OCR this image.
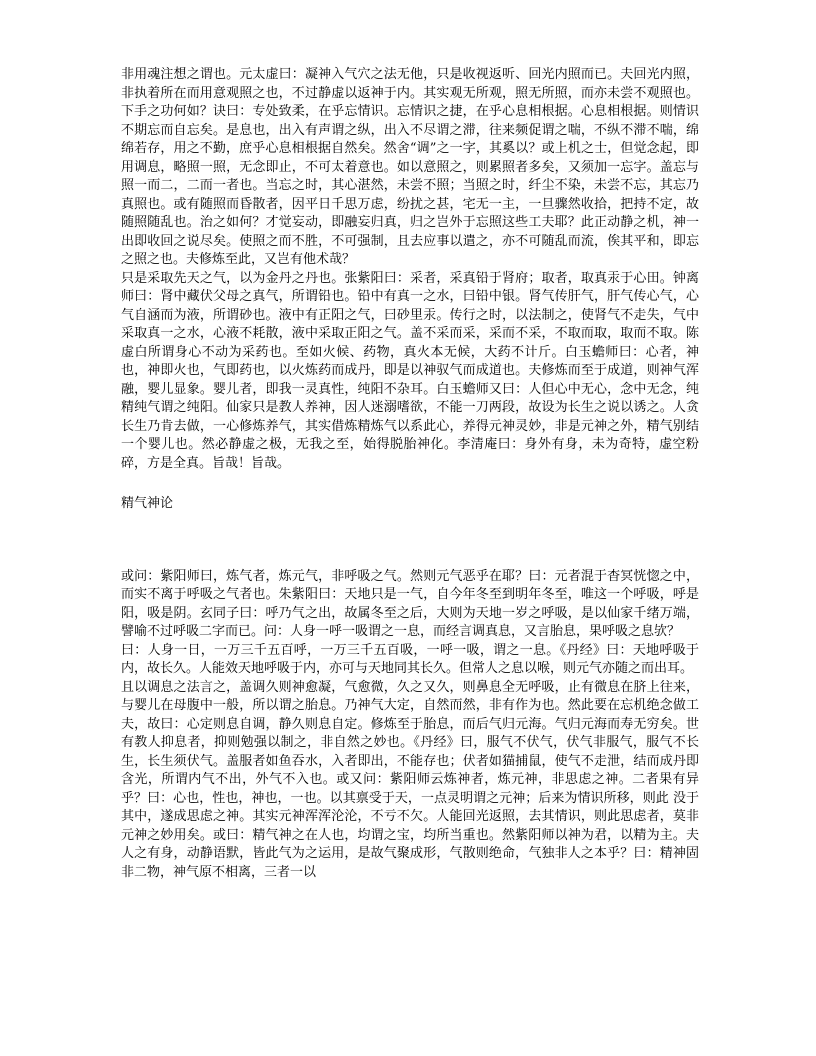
非用魂注想之谓也。元太虚曰：凝神入气穴之法无他，只是收视返听、回光内照而已。夫回光内照，非执着所在而用意观照之也，不过静虚以返神于内。其实观无所观，照无所照，而亦未尝不观照也。下手之功何如？诀曰：专处致柔，在乎忘情识。忘情识之捷，在乎心息相根据。心息相根据。则情识不期忘而自忘矣。是息也，出入有声谓之纵，出入不尽谓之滞，往来频促谓之喘，不纵不滞不喘，绵绵若存，用之不勤，庶乎心息相根据自然矣。然舍“调”之一字，其奚以？或上机之士，但觉念起，即用调息，略照一照，无念即止，不可太着意也。如以意照之，则累照者多矣，又须加一忘字。盖忘与照一而二，二而一者也。当忘之时，其心湛然，未尝不照；当照之时，纤尘不染，未尝不忘，其忘乃真照也。或有随照而昏散者，因平日千思万虑，纷扰之甚，宅无一主，一旦骤然收拾，把持不定，故随照随乱也。治之如何？才觉妄动，即融妄归真，归之岂外于忘照这些工夫耶？此正动静之机，神一出即收回之说尽矣。使照之而不胜，不可强制，且去应事以遣之，亦不可随乱而流，俟其平和，即忘之照之也。夫修炼至此，又岂有他术哉？

只是采取先天之气，以为金丹之丹也。张紫阳曰：采者，采真铅于肾府；取者，取真汞于心田。钟离师曰：肾中藏伏父母之真气，所谓铅也。铅中有真一之水，曰铅中银。肾气传肝气，肝气传心气，心气自涵而为液，所谓砂也。液中有正阳之气，曰砂里汞。传行之时，以法制之，使肾气不走失，气中采取真一之水，心液不耗散，液中采取正阳之气。盖不采而采，采而不采，不取而取，取而不取。陈虚白所谓身心不动为采药也。至如火候、药物，真火本无候，大药不计斤。白玉蟾师曰：心者，神也，神即火也，气即药也，以火炼药而成丹，即是以神驭气而成道也。夫修炼而至于成道，则神气浑融，婴儿显象。婴儿者，即我一灵真性，纯阳不杂耳。白玉蟾师又曰：人但心中无心，念中无念，纯精纯气谓之纯阳。仙家只是教人养神，因人迷溺嗜欲，不能一刀两段，故设为长生之说以诱之。人贪长生乃肯去做，一心修炼养气，其实借炼精炼气以系此心，养得元神灵妙，非是元神之外，精气别结一个婴儿也。然必静虚之极，无我之至，始得脱胎神化。李清庵曰：身外有身，未为奇特，虚空粉碎，方是全真。旨哉！旨哉。

精气神论

或问：紫阳师曰，炼气者，炼元气，非呼吸之气。然则元气恶乎在耶？曰：元者混于杳冥恍惚之中，而实不离于呼吸之气者也。朱紫阳曰：天地只是一气，自今年冬至到明年冬至，唯这一个呼吸，呼是阳，吸是阴。玄同子曰：呼乃气之出，故属冬至之后，大则为天地一岁之呼吸，是以仙家千绪万端，譬喻不过呼吸二字而已。问：人身一呼一吸谓之一息，而经言调真息，又言胎息，果呼吸之息欤？

曰：人身一日，一万三千五百呼，一万三千五百吸，一呼一吸，谓之一息。《丹经》曰：天地呼吸于内，故长久。人能效天地呼吸于内，亦可与天地同其长久。但常人之息以喉，则元气亦随之而出耳。

且以调息之法言之，盖调久则神愈凝，气愈微，久之又久，则鼻息全无呼吸，止有微息在脐上往来，与婴儿在母腹中一般，所以谓之胎息。乃神气大定，自然而然，非有作为也。然此要在忘机绝念做工夫，故曰：心定则息自调，静久则息自定。修炼至于胎息，而后气归元海。气归元海而寿无穷矣。世有教人抑息者，抑则勉强以制之，非自然之妙也。《丹经》曰，服气不伏气，伏气非服气，服气不长生，长生须伏气。盖服者如鱼吞水，入者即出，不能存也；伏者如猫捕鼠，使气不走泄，结而成丹即含光，所谓内气不出，外气不入也。或又问：紫阳师云炼神者，炼元神，非思虑之神。二者果有异乎？曰：心也，性也，神也，一也。以其禀受于天，一点灵明谓之元神；后来为情识所移，则此 没于其中，遂成思虑之神。其实元神浑浑沦沦，不亏不欠。人能回光返照，去其情识，则此思虑者，莫非元神之妙用矣。或曰：精气神之在人也，均谓之宝，均所当重也。然紫阳师以神为君，以精为主。夫人之有身，动静语默，皆此气为之运用，是故气聚成形，气散则绝命，气独非人之本乎？曰：精神固非二物，神气原不相离，三者一以
